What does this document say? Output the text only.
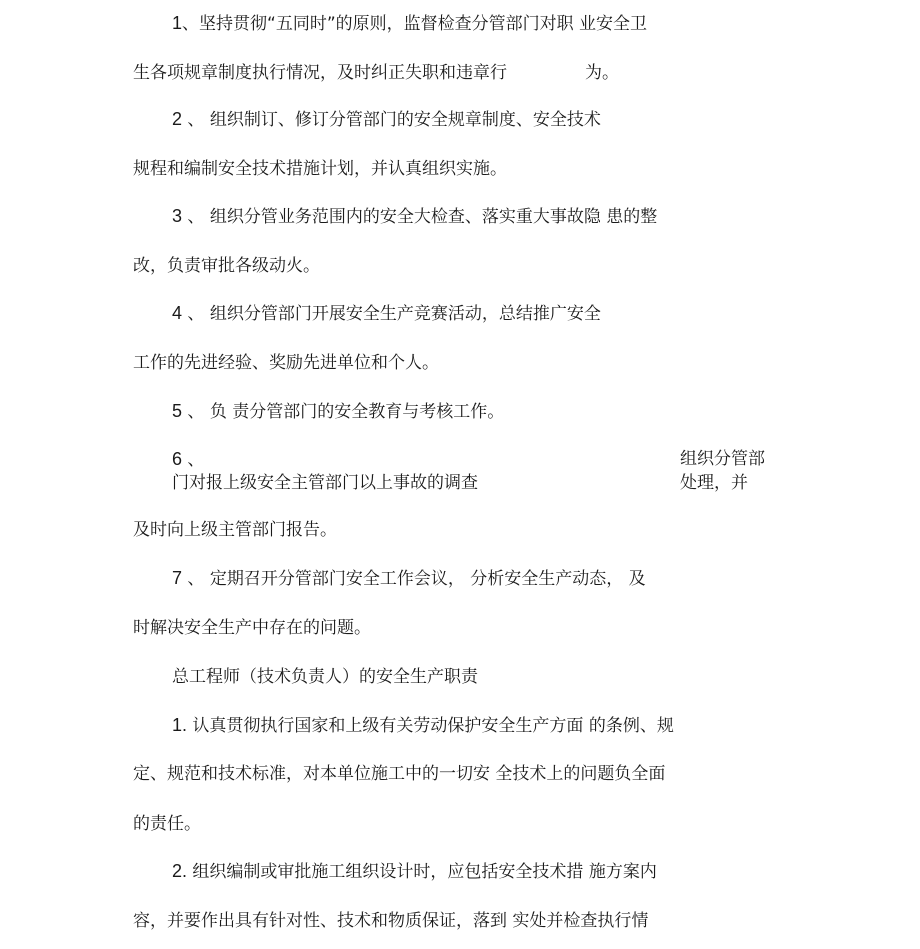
1、坚持贯彻“五同时”的原则，监督检查分管部门对职 业安全卫
生各项规章制度执行情况，及时纠正失职和违章行	为。
2 、 组织制订、修订分管部门的安全规章制度、安全技术
规程和编制安全技术措施计划，并认真组织实施。
3 、 组织分管业务范围内的安全大检查、落实重大事故隐 患的整
改，负责审批各级动火。
4 、 组织分管部门开展安全生产竞赛活动，总结推广安全
工作的先进经验、奖励先进单位和个人。
5 、 负 责分管部门的安全教育与考核工作。
6 、	组织分管部
门对报上级安全主管部门以上事故的调查	处理，并
及时向上级主管部门报告。
7 、 定期召开分管部门安全工作会议， 分析安全生产动态， 及
时解决安全生产中存在的问题。
总工程师（技术负责人）的安全生产职责
1. 认真贯彻执行国家和上级有关劳动保护安全生产方面 的条例、规
定、规范和技术标准，对本单位施工中的一切安 全技术上的问题负全面
的责任。
2. 组织编制或审批施工组织设计时，应包括安全技术措 施方案内
容，并要作出具有针对性、技术和物质保证，落到 实处并检查执行情
